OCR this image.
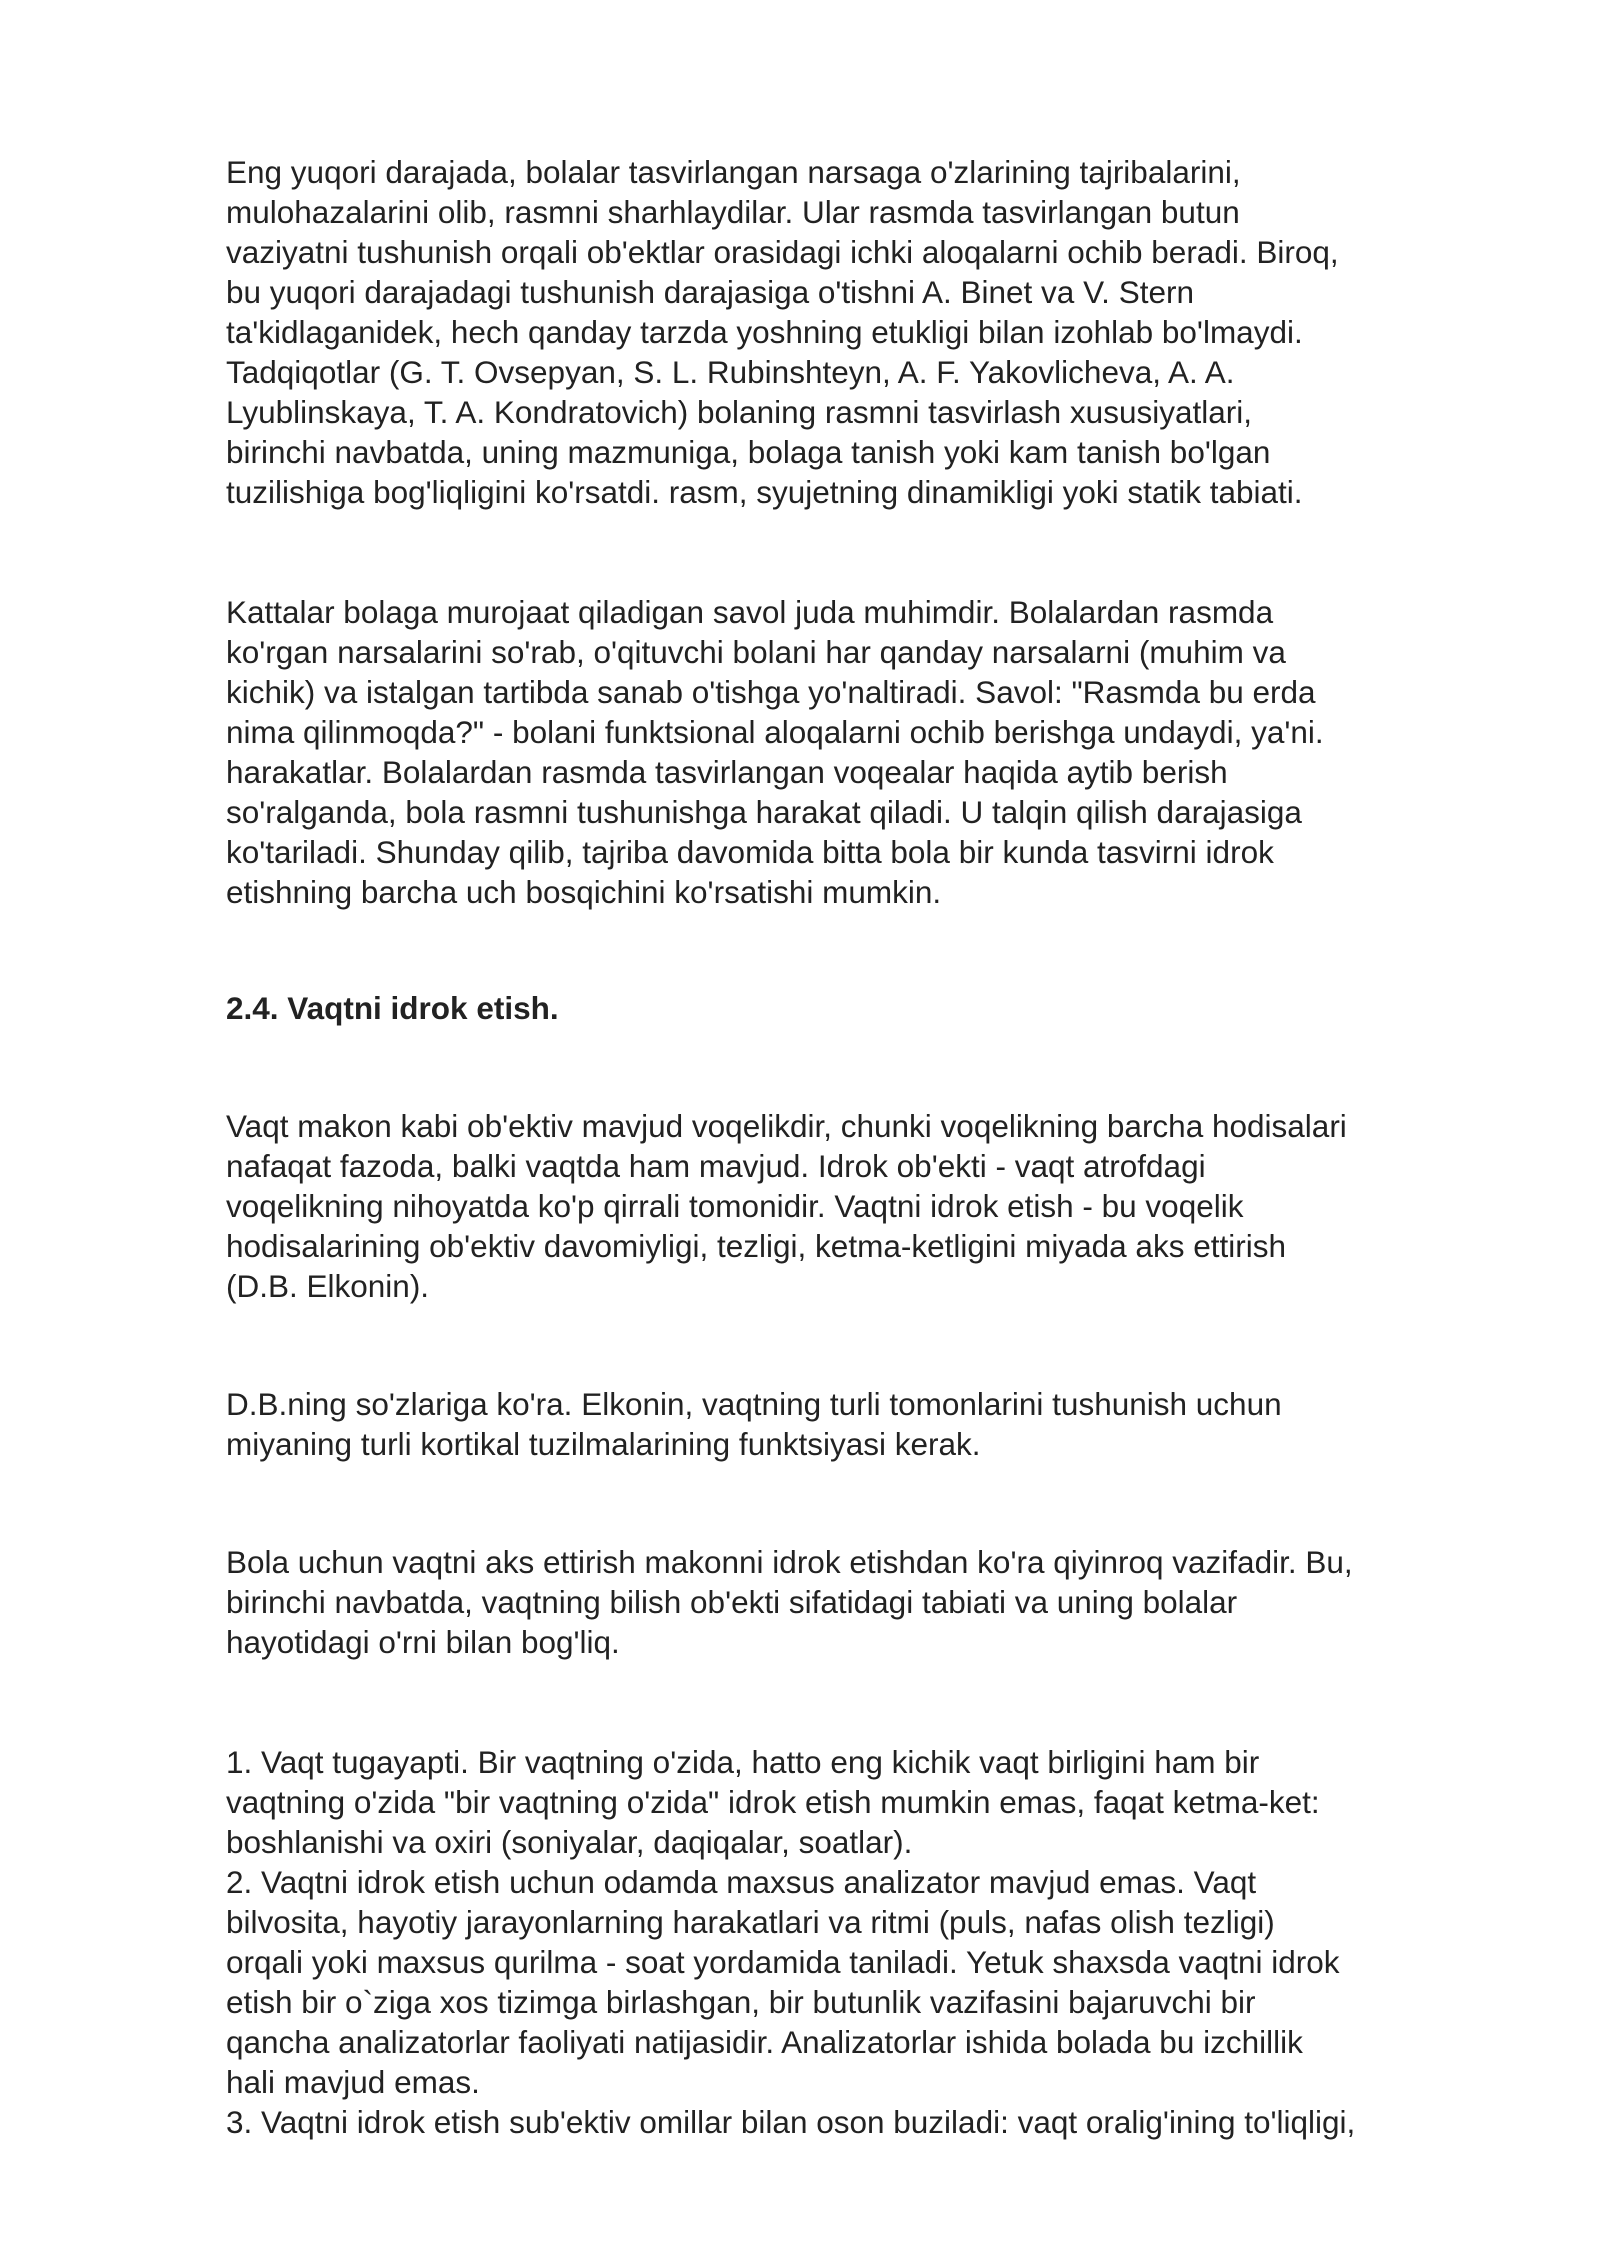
Eng yuqori darajada, bolalar tasvirlangan narsaga o'zlarining tajribalarini,
mulohazalarini olib, rasmni sharhlaydilar. Ular rasmda tasvirlangan butun
vaziyatni tushunish orqali ob'ektlar orasidagi ichki aloqalarni ochib beradi. Biroq,
bu yuqori darajadagi tushunish darajasiga o'tishni A. Binet va V. Stern
ta'kidlaganidek, hech qanday tarzda yoshning etukligi bilan izohlab bo'lmaydi.
Tadqiqotlar (G. T. Ovsepyan, S. L. Rubinshteyn, A. F. Yakovlicheva, A. A.
Lyublinskaya, T. A. Kondratovich) bolaning rasmni tasvirlash xususiyatlari,
birinchi navbatda, uning mazmuniga, bolaga tanish yoki kam tanish bo'lgan
tuzilishiga bog'liqligini ko'rsatdi. rasm, syujetning dinamikligi yoki statik tabiati.

Kattalar bolaga murojaat qiladigan savol juda muhimdir. Bolalardan rasmda
ko'rgan narsalarini so'rab, o'qituvchi bolani har qanday narsalarni (muhim va
kichik) va istalgan tartibda sanab o'tishga yo'naltiradi. Savol: "Rasmda bu erda
nima qilinmoqda?" - bolani funktsional aloqalarni ochib berishga undaydi, ya'ni.
harakatlar. Bolalardan rasmda tasvirlangan voqealar haqida aytib berish
so'ralganda, bola rasmni tushunishga harakat qiladi. U talqin qilish darajasiga
ko'tariladi. Shunday qilib, tajriba davomida bitta bola bir kunda tasvirni idrok
etishning barcha uch bosqichini ko'rsatishi mumkin.

2.4. Vaqtni idrok etish.

Vaqt makon kabi ob'ektiv mavjud voqelikdir, chunki voqelikning barcha hodisalari
nafaqat fazoda, balki vaqtda ham mavjud. Idrok ob'ekti - vaqt atrofdagi
voqelikning nihoyatda ko'p qirrali tomonidir. Vaqtni idrok etish - bu voqelik
hodisalarining ob'ektiv davomiyligi, tezligi, ketma-ketligini miyada aks ettirish
(D.B. Elkonin).

D.B.ning so'zlariga ko'ra. Elkonin, vaqtning turli tomonlarini tushunish uchun
miyaning turli kortikal tuzilmalarining funktsiyasi kerak.

Bola uchun vaqtni aks ettirish makonni idrok etishdan ko'ra qiyinroq vazifadir. Bu,
birinchi navbatda, vaqtning bilish ob'ekti sifatidagi tabiati va uning bolalar
hayotidagi o'rni bilan bog'liq.

1. Vaqt tugayapti. Bir vaqtning o'zida, hatto eng kichik vaqt birligini ham bir
vaqtning o'zida "bir vaqtning o'zida" idrok etish mumkin emas, faqat ketma-ket:
boshlanishi va oxiri (soniyalar, daqiqalar, soatlar).

2. Vaqtni idrok etish uchun odamda maxsus analizator mavjud emas. Vaqt
bilvosita, hayotiy jarayonlarning harakatlari va ritmi (puls, nafas olish tezligi)
orqali yoki maxsus qurilma - soat yordamida taniladi. Yetuk shaxsda vaqtni idrok
etish bir o`ziga xos tizimga birlashgan, bir butunlik vazifasini bajaruvchi bir
qancha analizatorlar faoliyati natijasidir. Analizatorlar ishida bolada bu izchillik
hali mavjud emas.

3. Vaqtni idrok etish sub'ektiv omillar bilan oson buziladi: vaqt oralig'ining to'liqligi,
